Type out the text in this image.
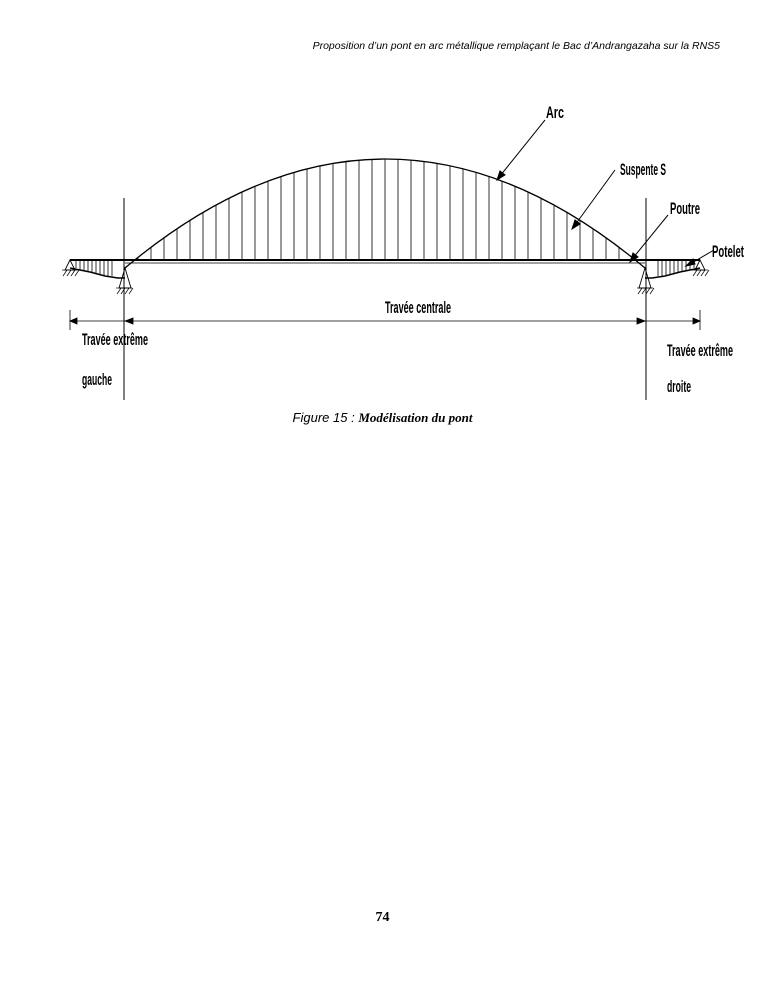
Proposition d’un pont en arc métallique remplaçant le Bac d’Andrangazaha sur la RNS5
Arc
Suspente S
Poutre
Potelet
Travée centrale
Travée extrême
gauche
Travée extrême
droite
Figure 15 : Modélisation du pont
74
